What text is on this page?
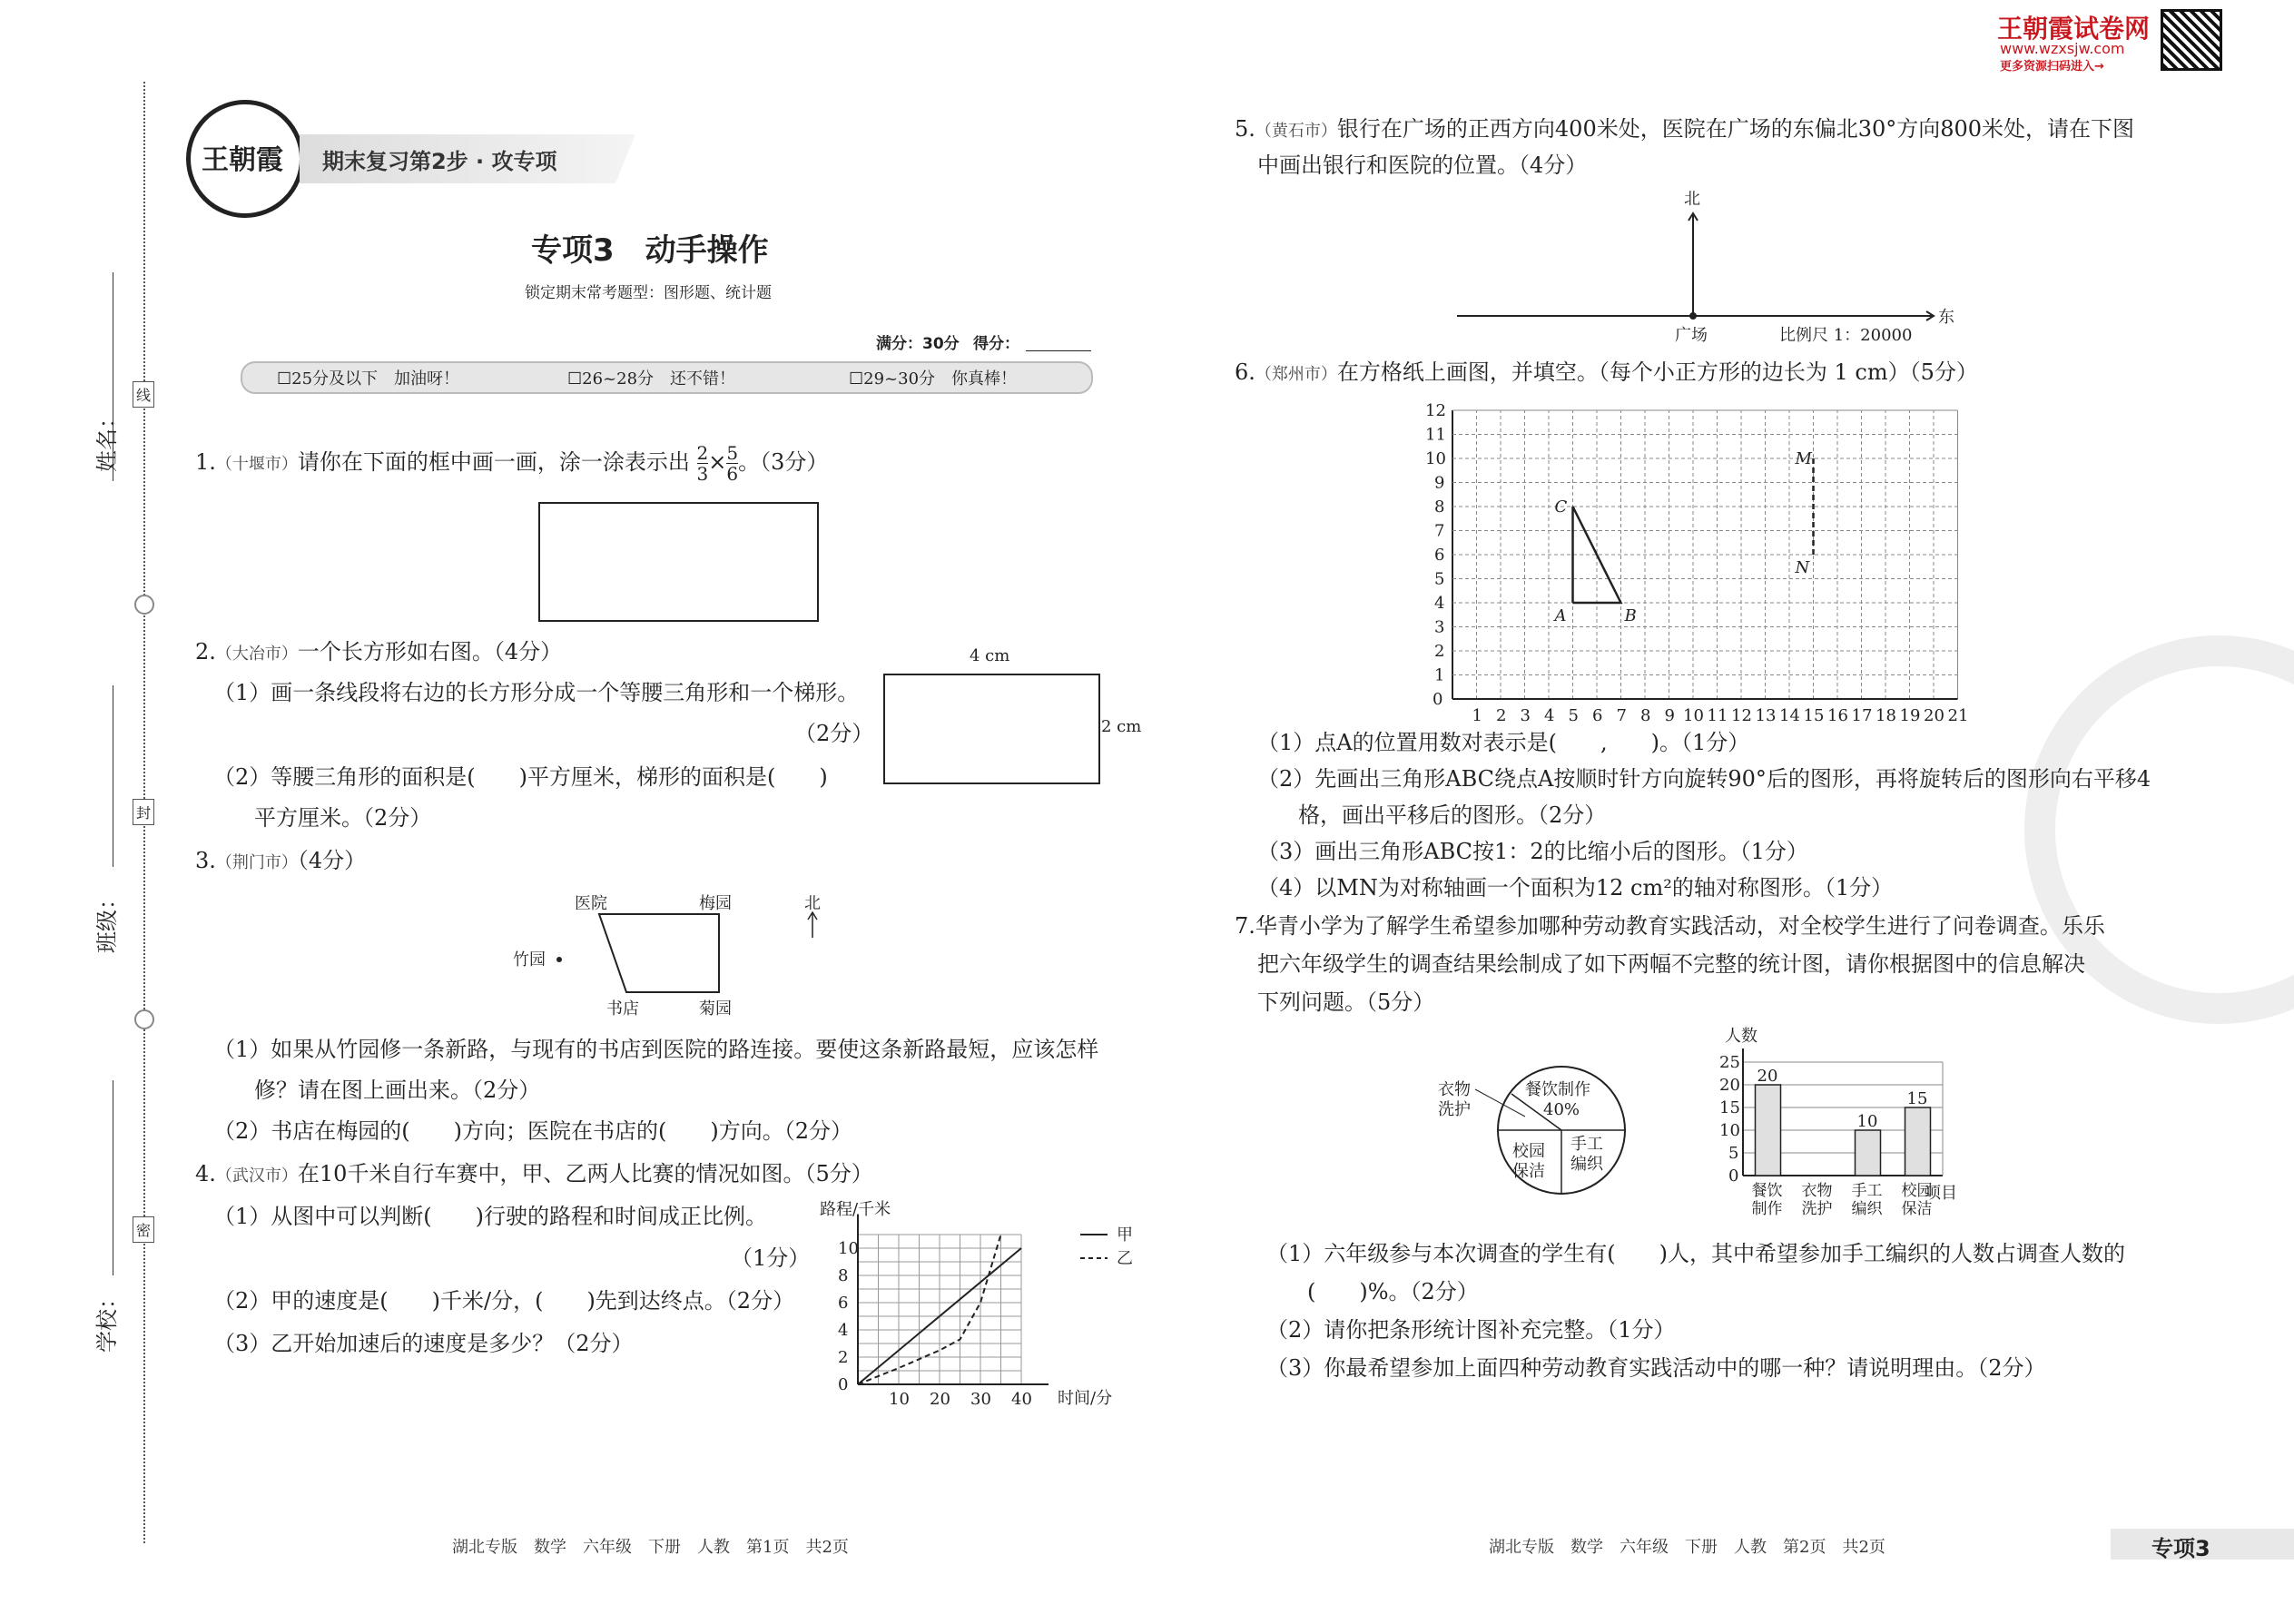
姓名：
班级：
学校：
线
封
密
王朝霞 期末复习第2步 · 攻专项
专项3　动手操作
锁定期末常考题型：图形题、统计题
满分：30分 得分：
☐25分及以下　 加油呀！	☐26~28分　 还不错！	☐29~30分　 你真棒！
1.（十堰市）请你在下面的框中画一画，涂一涂表示出 $\frac{2}{3} \times \frac{5}{6}$ 。（3分）
2.（大冶市）一个长方形如右图。（4分）
（1）画一条线段将右边的长方形分成一个等腰三角形和一个梯形。
（2分）
（2）等腰三角形的面积是(　　)平方厘米，梯形的面积是(　　)
平方厘米。（2分）
4 cm
2 cm
3.（荆门市）（4分）
医院	梅园
竹园
书店	菊园
北
（1）如果从竹园修一条新路，与现有的书店到医院的路连接。要使这条新路最短，应该怎样
修？请在图上画出来。（2分）
（2）书店在梅园的(　　)方向；医院在书店的(　　)方向。（2分）
4.（武汉市）在10千米自行车赛中，甲、乙两人比赛的情况如图。（5分）
（1）从图中可以判断(　　)行驶的路程和时间成正比例。
（1分）
（2）甲的速度是(　　)千米/分，(　　)先到达终点。（2分）
（3）乙开始加速后的速度是多少？（2分）
10 20 30 40
0
2
4
6
8
10
路程/千米
时间/分
甲
乙
湖北专版　数学　六年级　下册　人教　第1页　共2页
王朝霞试卷网
www.wzxsjw.com
更多资源扫码进入→
5.（黄石市）银行在广场的正西方向400米处，医院在广场的东偏北30°方向800米处，请在下图
中画出银行和医院的位置。（4分）
北
东
广场	比例尺 1：20000
6.（郑州市）在方格纸上画图，并填空。（每个小正方形的边长为 1 cm）（5分）
0
1 2 3 4 5 6 7 8 9 10 11 12 13 14 15 16 17 18 19 20 21
1
2
3
4
5
6
7
8
9
10
11
12
A	B
C
M
N
（1）点A的位置用数对表示是(　　,　　)。（1分）
（2）先画出三角形ABC绕点A按顺时针方向旋转90°后的图形，再将旋转后的图形向右平移4
格，画出平移后的图形。（2分）
（3）画出三角形ABC按1：2的比缩小后的图形。（1分）
（4）以MN为对称轴画一个面积为12 cm²的轴对称图形。（1分）
7.华青小学为了解学生希望参加哪种劳动教育实践活动，对全校学生进行了问卷调查。乐乐
把六年级学生的调查结果绘制成了如下两幅不完整的统计图，请你根据图中的信息解决
下列问题。（5分）
餐饮制作
40%
衣物
洗护
校园
保洁
手工
编织
20
餐饮
制作
衣物
洗护
10
手工
编织
15
校园
保洁
0
5
10
15
20
25
人数
项目
（1）六年级参与本次调查的学生有(　　)人，其中希望参加手工编织的人数占调查人数的
(　　)%。（2分）
（2）请你把条形统计图补充完整。（1分）
（3）你最希望参加上面四种劳动教育实践活动中的哪一种？请说明理由。（2分）
湖北专版　数学　六年级　下册　人教　第2页　共2页	专项3
